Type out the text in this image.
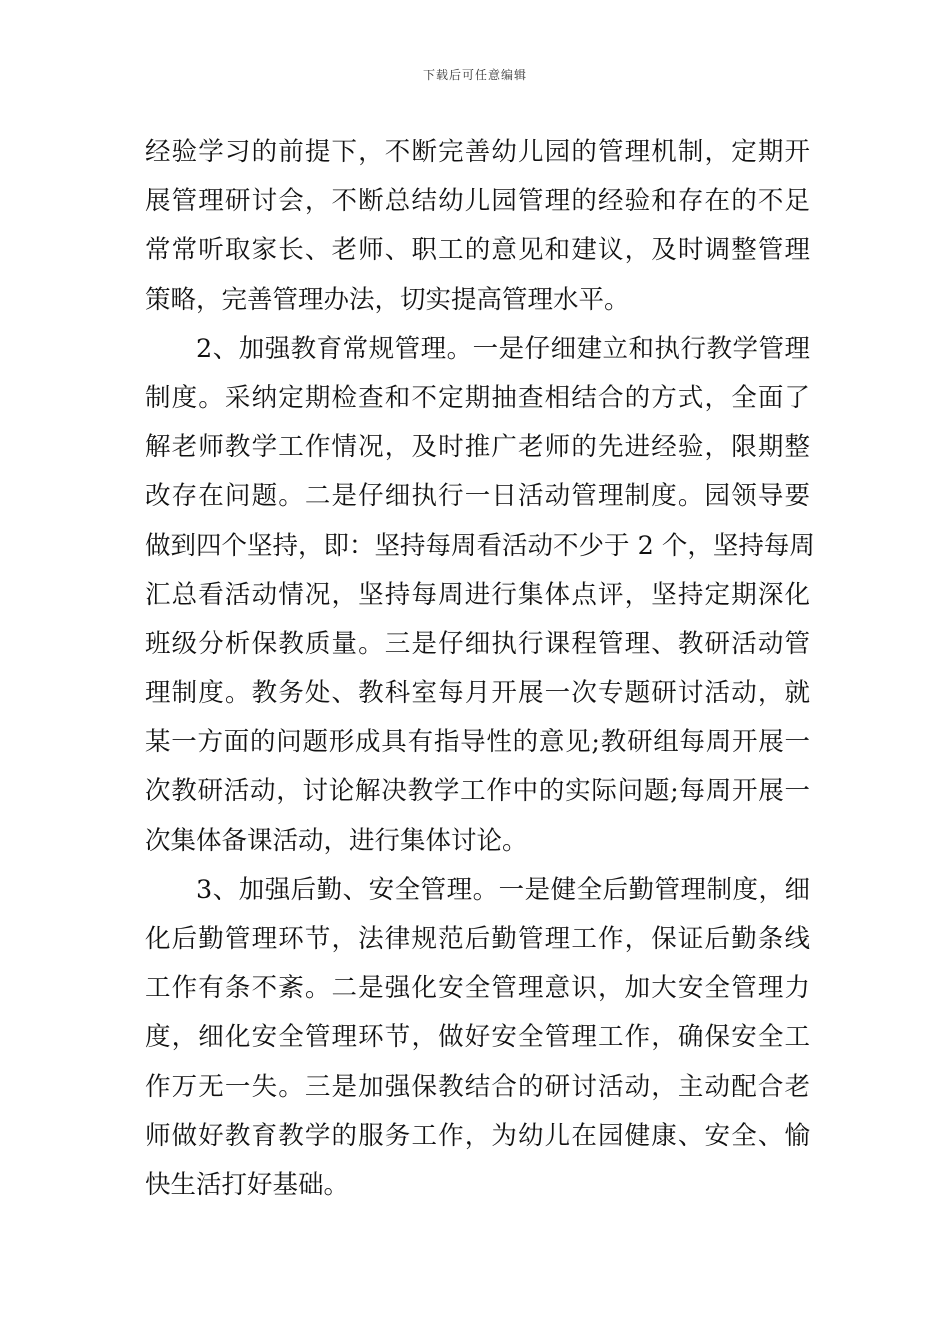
下载后可任意编辑
经验学习的前提下，不断完善幼儿园的管理机制，定期开
展管理研讨会，不断总结幼儿园管理的经验和存在的不足
常常听取家长、老师、职工的意见和建议，及时调整管理
策略，完善管理办法，切实提高管理水平。
2、加强教育常规管理。一是仔细建立和执行教学管理
制度。采纳定期检查和不定期抽查相结合的方式，全面了
解老师教学工作情况，及时推广老师的先进经验，限期整
改存在问题。二是仔细执行一日活动管理制度。园领导要
做到四个坚持，即：坚持每周看活动不少于 2 个，坚持每周
汇总看活动情况，坚持每周进行集体点评，坚持定期深化
班级分析保教质量。三是仔细执行课程管理、教研活动管
理制度。教务处、教科室每月开展一次专题研讨活动，就
某一方面的问题形成具有指导性的意见;教研组每周开展一
次教研活动，讨论解决教学工作中的实际问题;每周开展一
次集体备课活动，进行集体讨论。
3、加强后勤、安全管理。一是健全后勤管理制度，细
化后勤管理环节，法律规范后勤管理工作，保证后勤条线
工作有条不紊。二是强化安全管理意识，加大安全管理力
度，细化安全管理环节，做好安全管理工作，确保安全工
作万无一失。三是加强保教结合的研讨活动，主动配合老
师做好教育教学的服务工作，为幼儿在园健康、安全、愉
快生活打好基础。
